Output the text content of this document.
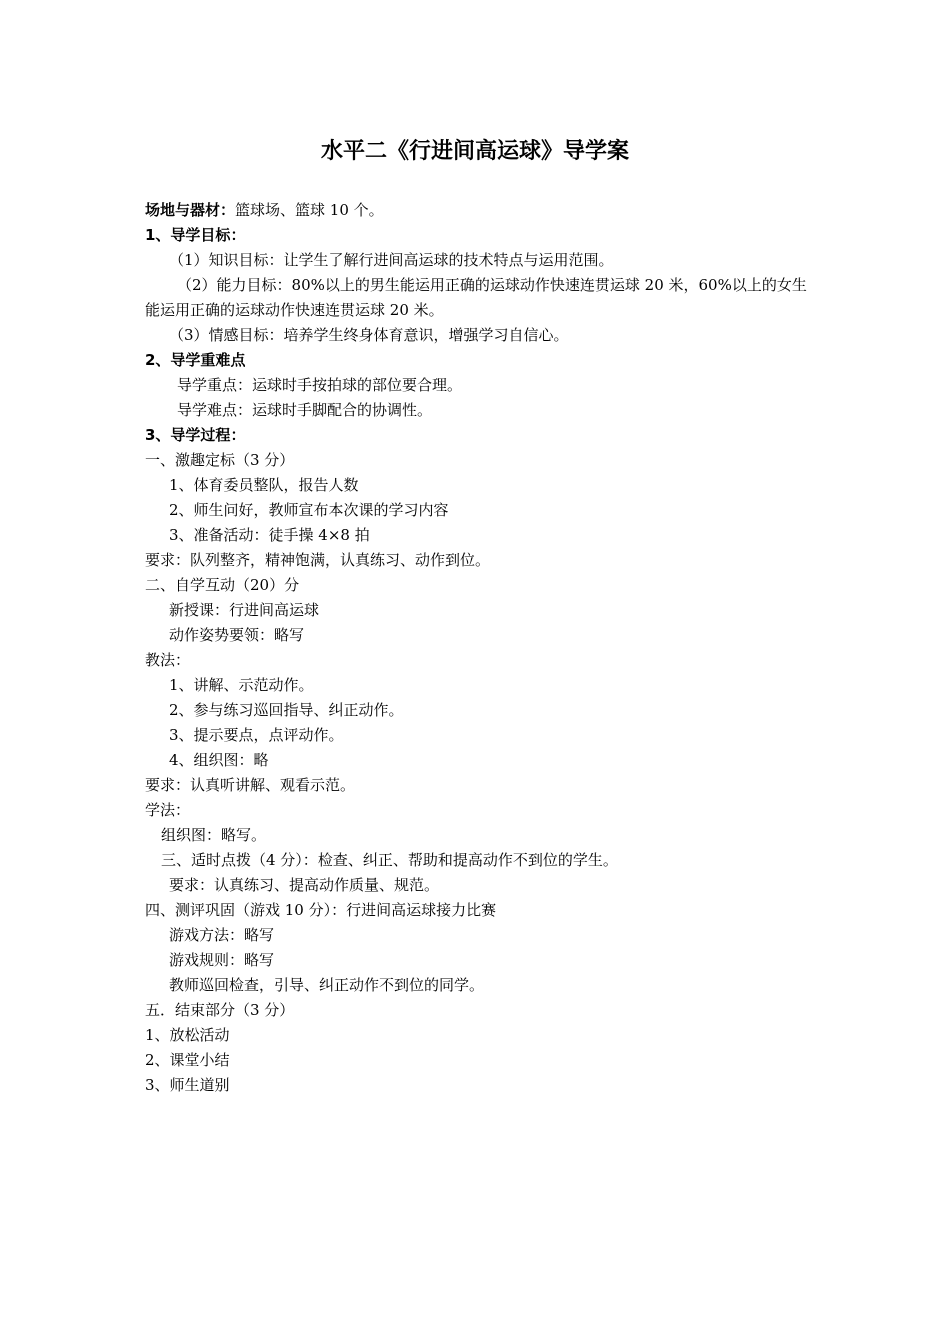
水平二《行进间高运球》导学案
场地与器材：篮球场、篮球 10 个。
1、导学目标：
（1）知识目标：让学生了解行进间高运球的技术特点与运用范围。
（2）能力目标：80%以上的男生能运用正确的运球动作快速连贯运球 20 米，60%以上的女生能运用正确的运球动作快速连贯运球 20 米。
（3）情感目标：培养学生终身体育意识，增强学习自信心。
2、导学重难点
导学重点：运球时手按拍球的部位要合理。
导学难点：运球时手脚配合的协调性。
3、导学过程：
一、激趣定标（3 分）
1、体育委员整队，报告人数
2、师生问好，教师宣布本次课的学习内容
3、准备活动：徒手操 4×8 拍
要求：队列整齐，精神饱满，认真练习、动作到位。
二、自学互动（20）分
新授课：行进间高运球
动作姿势要领：略写
教法：
1、讲解、示范动作。
2、参与练习巡回指导、纠正动作。
3、提示要点，点评动作。
4、组织图：略
要求：认真听讲解、观看示范。
学法：
组织图：略写。
三、适时点拨（4 分）：检查、纠正、帮助和提高动作不到位的学生。
要求：认真练习、提高动作质量、规范。
四、测评巩固（游戏 10 分）：行进间高运球接力比赛
游戏方法：略写
游戏规则：略写
教师巡回检查，引导、纠正动作不到位的同学。
五．结束部分（3 分）
1、放松活动
2、课堂小结
3、师生道别
